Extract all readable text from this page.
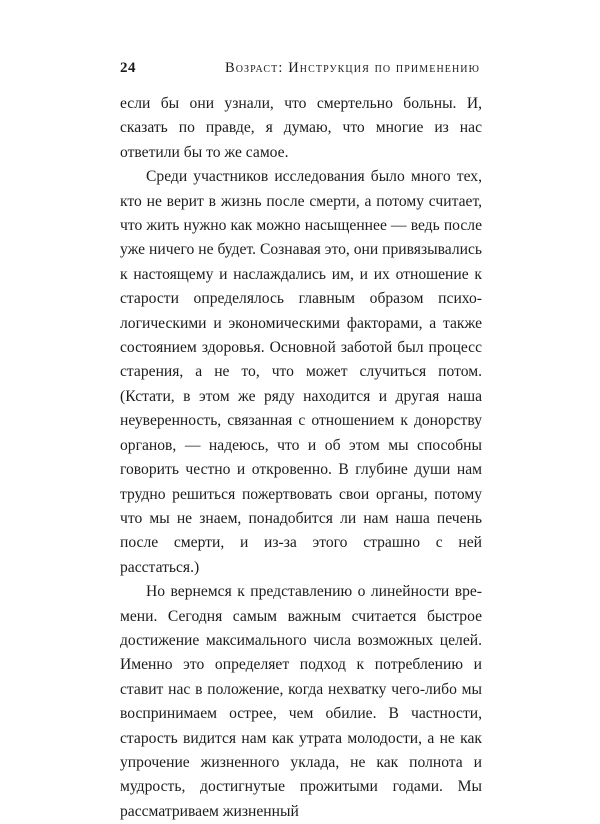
24	Возраст: Инструкция по применению

если бы они узнали, что смертельно больны. И, сказать по правде, я думаю, что многие из нас ответили бы то же самое.

Среди участников исследования было много тех, кто не верит в жизнь после смерти, а потому считает, что жить нужно как можно насыщеннее — ведь после уже ничего не будет. Сознавая это, они привязывались к настоящему и наслаждались им, и их отношение к старости определялось главным образом психологическими и экономическими факторами, а также состоянием здоровья. Основной заботой был процесс старения, а не то, что может случиться потом. (Кстати, в этом же ряду находится и другая наша неуверенность, связанная с отношением к донорству органов, — надеюсь, что и об этом мы способны говорить честно и откровенно. В глубине души нам трудно решиться пожертвовать свои органы, потому что мы не знаем, понадобится ли нам наша печень после смерти, и из-за этого страшно с ней расстаться.)

Но вернемся к представлению о линейности времени. Сегодня самым важным считается быстрое достижение максимального числа возможных целей. Именно это определяет подход к потреблению и ставит нас в положение, когда нехватку чего-либо мы воспринимаем острее, чем обилие. В частности, старость видится нам как утрата молодости, а не как упрочение жизненного уклада, не как полнота и мудрость, достигнутые прожитыми годами. Мы рассматриваем жизненный
